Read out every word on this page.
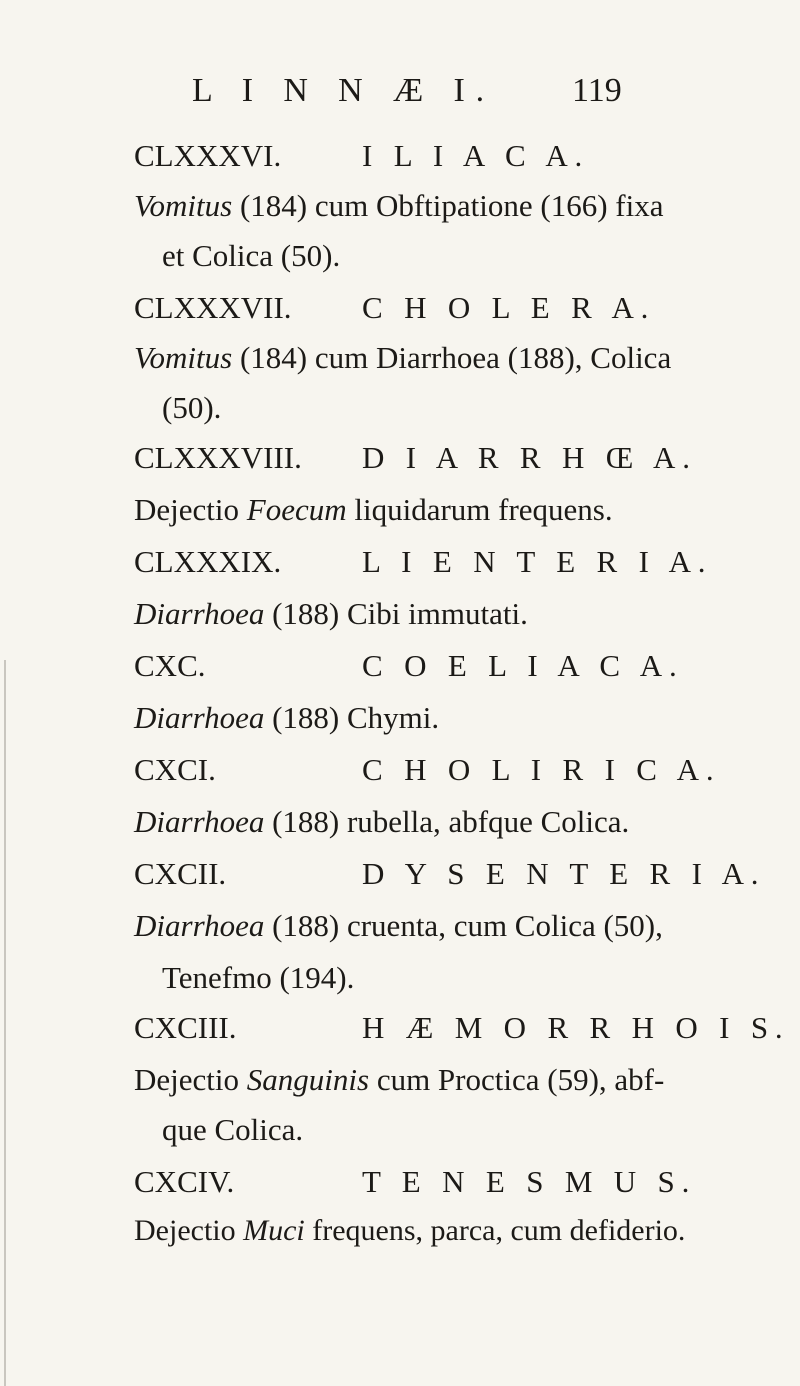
L I N N Æ I.	119
CLXXXVI.	I L I A C A.
Vomitus (184) cum Obftipatione (166) fixa
et Colica (50).
CLXXXVII. C H O L E R A.
Vomitus (184) cum Diarrhoea (188), Colica
(50).
CLXXXVIII. D I A R R H Œ A.
Dejectio Foecum liquidarum frequens.
CLXXXIX.	L I E N T E R I A.
Diarrhoea (188) Cibi immutati.
CXC.	C O E L I A C A.
Diarrhoea (188) Chymi.
CXCI.	C H O L I R I C A.
Diarrhoea (188) rubella, abfque Colica.
CXCII.	D Y S E N T E R I A.
Diarrhoea (188) cruenta, cum Colica (50),
Tenefmo (194).
CXCIII.	H Æ M O R R H O I S.
Dejectio Sanguinis cum Proctica (59), abf-
que Colica.
CXCIV.	T E N E S M U S.
Dejectio Muci frequens, parca, cum defiderio.
